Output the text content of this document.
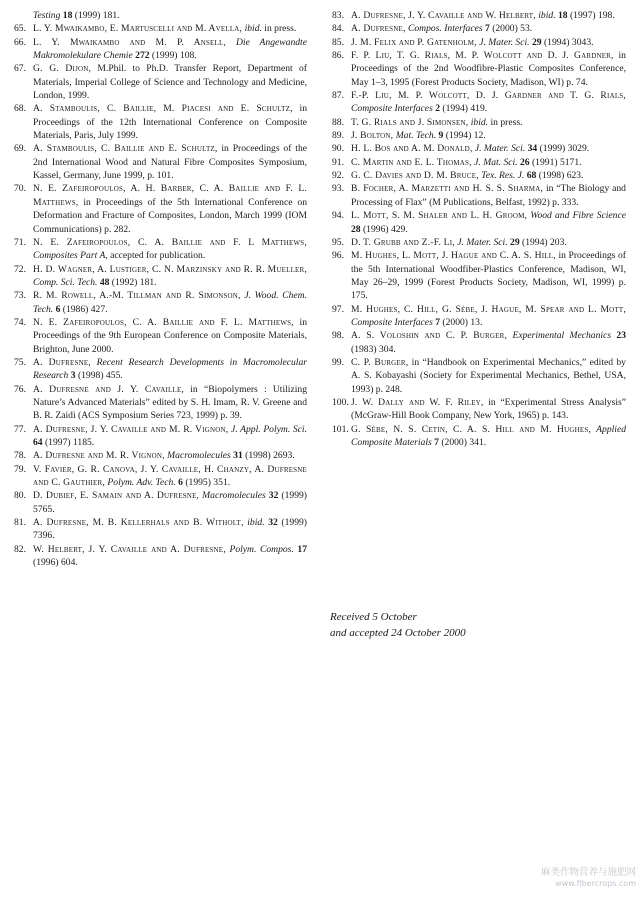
Testing 18 (1999) 181.
65. L. Y. Mwaikambo, E. Martuscelli and M. Avella, ibid. in press.
66. L. Y. Mwaikambo and M. P. Ansell, Die Angewandte Makromolekulare Chemie 272 (1999) 108.
67. G. G. Dijon, M.Phil. to Ph.D. Transfer Report, Department of Materials, Imperial College of Science and Technology and Medicine, London, 1999.
68. A. Stamboulis, C. Baillie, M. Piacesi and E. Schultz, in Proceedings of the 12th International Conference on Composite Materials, Paris, July 1999.
69. A. Stamboulis, C. Baillie and E. Schultz, in Proceedings of the 2nd International Wood and Natural Fibre Composites Symposium, Kassel, Germany, June 1999, p. 101.
70. N. E. Zafeiropoulos, A. H. Barber, C. A. Baillie and F. L. Matthews, in Proceedings of the 5th International Conference on Deformation and Fracture of Composites, London, March 1999 (IOM Communications) p. 282.
71. N. E. Zafeiropoulos, C. A. Baillie and F. L Matthews, Composites Part A, accepted for publication.
72. H. D. Wagner, A. Lustiger, C. N. Marzinsky and R. R. Mueller, Comp. Sci. Tech. 48 (1992) 181.
73. R. M. Rowell, A.-M. Tillman and R. Simonson, J. Wood. Chem. Tech. 6 (1986) 427.
74. N. E. Zafeiropoulos, C. A. Baillie and F. L. Matthews, in Proceedings of the 9th European Conference on Composite Materials, Brighton, June 2000.
75. A. Dufresne, Recent Research Developments in Macromolecular Research 3 (1998) 455.
76. A. Dufresne and J. Y. Cavaille, in “Biopolymers : Utilizing Nature’s Advanced Materials” edited by S. H. Imam, R. V. Greene and B. R. Zaidi (ACS Symposium Series 723, 1999) p. 39.
77. A. Dufresne, J. Y. Cavaille and M. R. Vignon, J. Appl. Polym. Sci. 64 (1997) 1185.
78. A. Dufresne and M. R. Vignon, Macromolecules 31 (1998) 2693.
79. V. Favier, G. R. Canova, J. Y. Cavaille, H. Chanzy, A. Dufresne and C. Gauthier, Polym. Adv. Tech. 6 (1995) 351.
80. D. Dubief, E. Samain and A. Dufresne, Macromolecules 32 (1999) 5765.
81. A. Dufresne, M. B. Kellerhals and B. Witholt, ibid. 32 (1999) 7396.
82. W. Helbert, J. Y. Cavaille and A. Dufresne, Polym. Compos. 17 (1996) 604.
83. A. Dufresne, J. Y. Cavaille and W. Helbert, ibid. 18 (1997) 198.
84. A. Dufresne, Compos. Interfaces 7 (2000) 53.
85. J. M. Felix and P. Gatenholm, J. Mater. Sci. 29 (1994) 3043.
86. F. P. Liu, T. G. Rials, M. P. Wolcott and D. J. Gardner, in Proceedings of the 2nd Woodfibre-Plastic Composites Conference, May 1–3, 1995 (Forest Products Society, Madison, WI) p. 74.
87. F.-P. Liu, M. P. Wolcott, D. J. Gardner and T. G. Rials, Composite Interfaces 2 (1994) 419.
88. T. G. Rials and J. Simonsen, ibid. in press.
89. J. Bolton, Mat. Tech. 9 (1994) 12.
90. H. L. Bos and A. M. Donald, J. Mater. Sci. 34 (1999) 3029.
91. C. Martin and E. L. Thomas, J. Mat. Sci. 26 (1991) 5171.
92. G. C. Davies and D. M. Bruce, Tex. Res. J. 68 (1998) 623.
93. B. Focher, A. Marzetti and H. S. S. Sharma, in “The Biology and Processing of Flax” (M Publications, Belfast, 1992) p. 333.
94. L. Mott, S. M. Shaler and L. H. Groom, Wood and Fibre Science 28 (1996) 429.
95. D. T. Grubb and Z.-F. Li, J. Mater. Sci. 29 (1994) 203.
96. M. Hughes, L. Mott, J. Hague and C. A. S. Hill, in Proceedings of the 5th International Woodfiber-Plastics Conference, Madison, WI, May 26–29, 1999 (Forest Products Society, Madison, WI, 1999) p. 175.
97. M. Hughes, C. Hill, G. Sèbe, J. Hague, M. Spear and L. Mott, Composite Interfaces 7 (2000) 13.
98. A. S. Voloshin and C. P. Burger, Experimental Mechanics 23 (1983) 304.
99. C. P. Burger, in “Handbook on Experimental Mechanics,” edited by A. S. Kobayashi (Society for Experimental Mechanics, Bethel, USA, 1993) p. 248.
100. J. W. Dally and W. F. Riley, in “Experimental Stress Analysis” (McGraw-Hill Book Company, New York, 1965) p. 143.
101. G. Sèbe, N. S. Cetin, C. A. S. Hill and M. Hughes, Applied Composite Materials 7 (2000) 341.
Received 5 October
and accepted 24 October 2000
麻类作物营养与施肥网
www.fibercrops.com
